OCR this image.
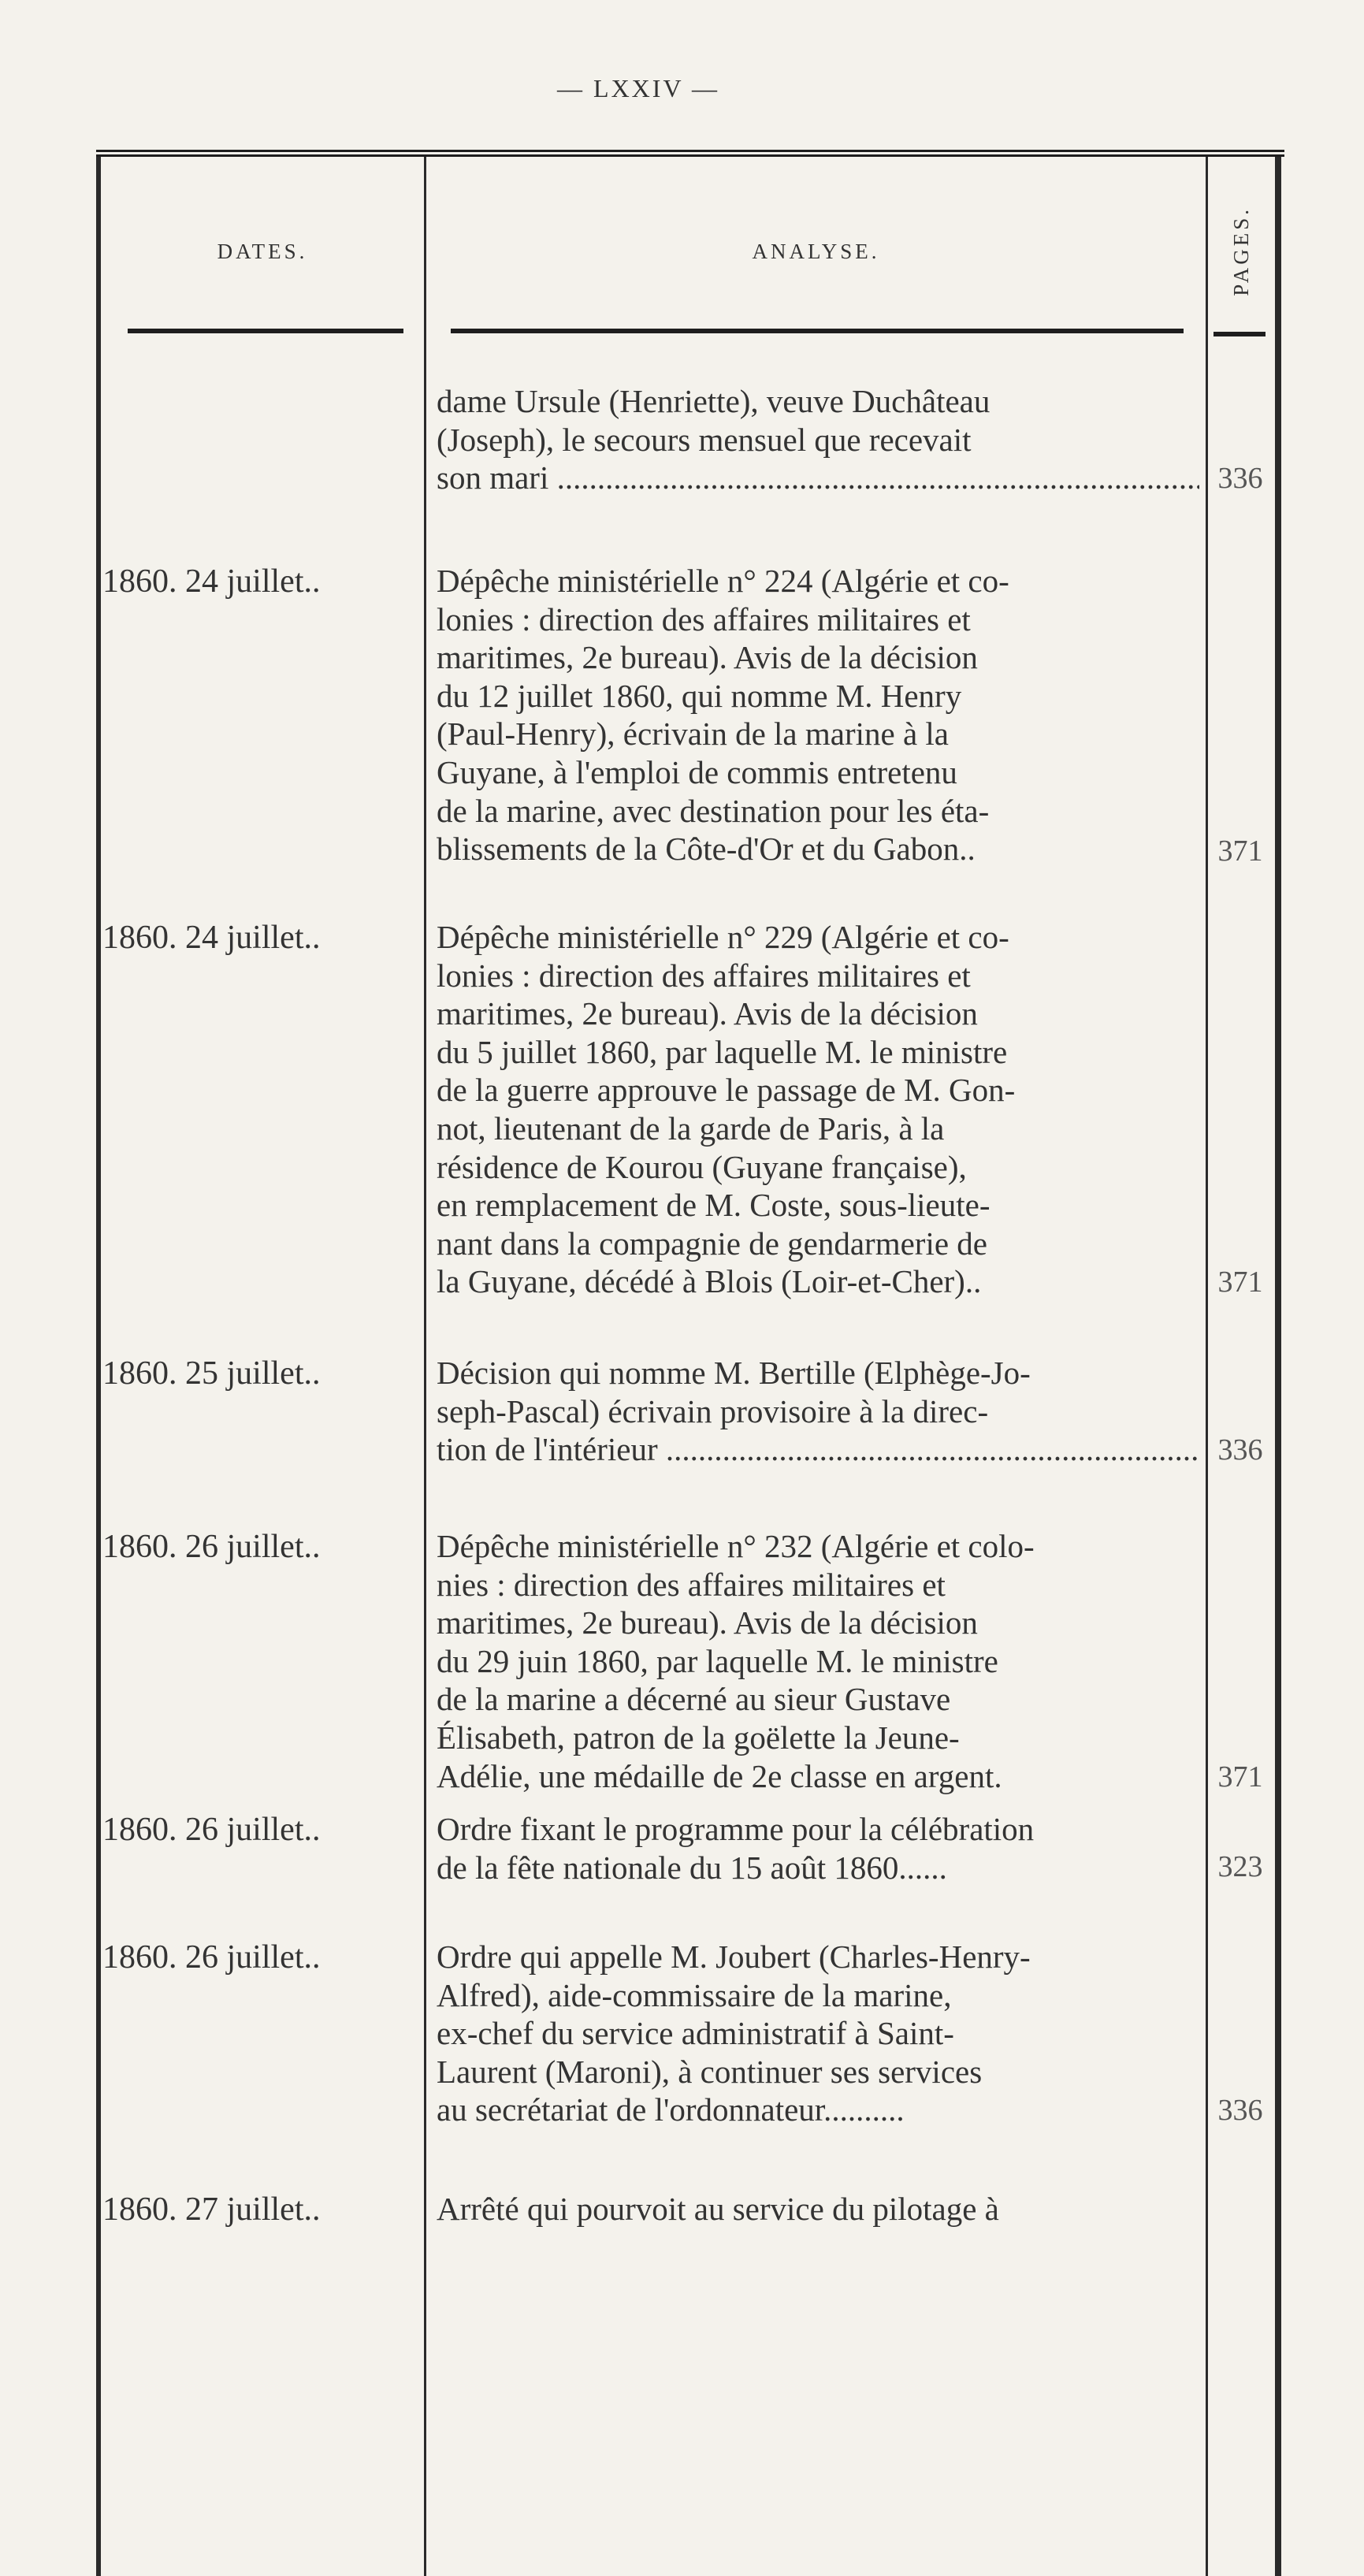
— LXXIV —
DATES.	ANALYSE.	PAGES.
dame Ursule (Henriette), veuve Duchâteau
(Joseph), le secours mensuel que recevait
son mari .....	336
1860. 24 juillet..	Dépêche ministérielle n° 224 (Algérie et co-
lonies : direction des affaires militaires et
maritimes, 2e bureau). Avis de la décision
du 12 juillet 1860, qui nomme M. Henry
(Paul-Henry), écrivain de la marine à la
Guyane, à l'emploi de commis entretenu
de la marine, avec destination pour les éta-
blissements de la Côte-d'Or et du Gabon..	371
1860. 24 juillet..	Dépêche ministérielle n° 229 (Algérie et co-
lonies : direction des affaires militaires et
maritimes, 2e bureau). Avis de la décision
du 5 juillet 1860, par laquelle M. le ministre
de la guerre approuve le passage de M. Gon-
not, lieutenant de la garde de Paris, à la
résidence de Kourou (Guyane française),
en remplacement de M. Coste, sous-lieute-
nant dans la compagnie de gendarmerie de
la Guyane, décédé à Blois (Loir-et-Cher)..	371
1860. 25 juillet..	Décision qui nomme M. Bertille (Elphège-Jo-
seph-Pascal) écrivain provisoire à la direc-
tion de l'intérieur .....	336
1860. 26 juillet..	Dépêche ministérielle n° 232 (Algérie et colo-
nies : direction des affaires militaires et
maritimes, 2e bureau). Avis de la décision
du 29 juin 1860, par laquelle M. le ministre
de la marine a décerné au sieur Gustave
Élisabeth, patron de la goëlette la Jeune-
Adélie, une médaille de 2e classe en argent.	371
1860. 26 juillet..	Ordre fixant le programme pour la célébration
de la fête nationale du 15 août 1860......	323
1860. 26 juillet..	Ordre qui appelle M. Joubert (Charles-Henry-
Alfred), aide-commissaire de la marine,
ex-chef du service administratif à Saint-
Laurent (Maroni), à continuer ses services
au secrétariat de l'ordonnateur..........	336
1860. 27 juillet..	Arrêté qui pourvoit au service du pilotage à
